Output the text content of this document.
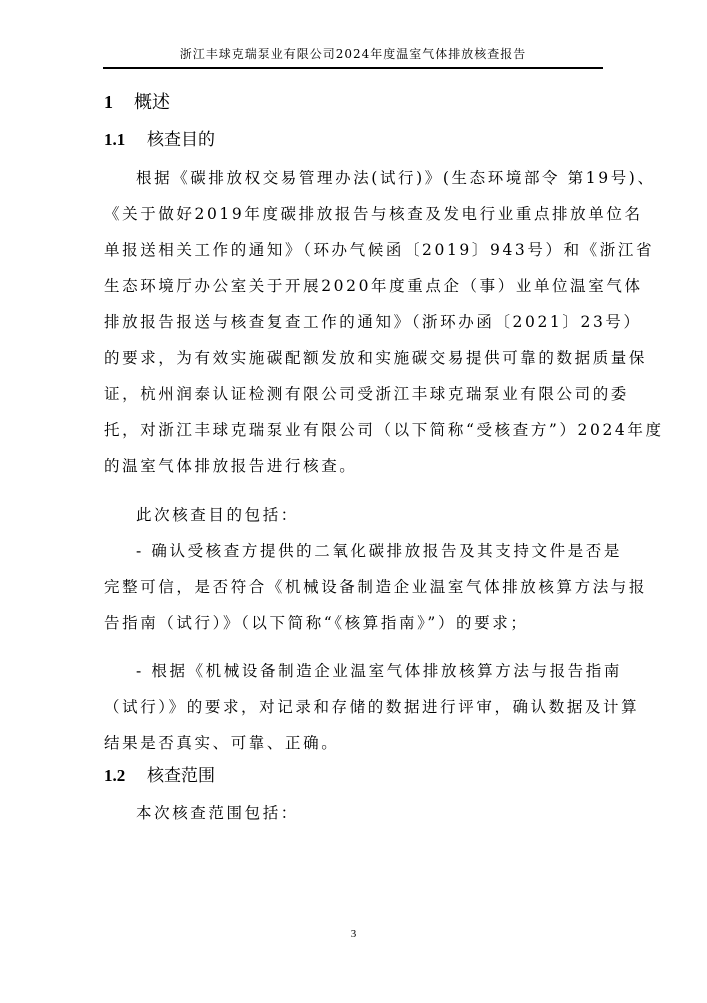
浙江丰球克瑞泵业有限公司2024年度温室气体排放核查报告
1 概述
1.1 核查目的
根据《碳排放权交易管理办法(试行)》(生态环境部令 第19号)、
《关于做好2019年度碳排放报告与核查及发电行业重点排放单位名
单报送相关工作的通知》（环办气候函〔2019〕943号）和《浙江省
生态环境厅办公室关于开展2020年度重点企（事）业单位温室气体
排放报告报送与核查复查工作的通知》（浙环办函〔2021〕23号）
的要求，为有效实施碳配额发放和实施碳交易提供可靠的数据质量保
证，杭州润泰认证检测有限公司受浙江丰球克瑞泵业有限公司的委
托，对浙江丰球克瑞泵业有限公司（以下简称“受核查方”）2024年度
的温室气体排放报告进行核查。
此次核查目的包括：
- 确认受核查方提供的二氧化碳排放报告及其支持文件是否是
完整可信，是否符合《机械设备制造企业温室气体排放核算方法与报
告指南（试行）》（以下简称“《核算指南》”）的要求；
- 根据《机械设备制造企业温室气体排放核算方法与报告指南
（试行）》的要求，对记录和存储的数据进行评审，确认数据及计算
结果是否真实、可靠、正确。
1.2 核查范围
本次核查范围包括：
3
